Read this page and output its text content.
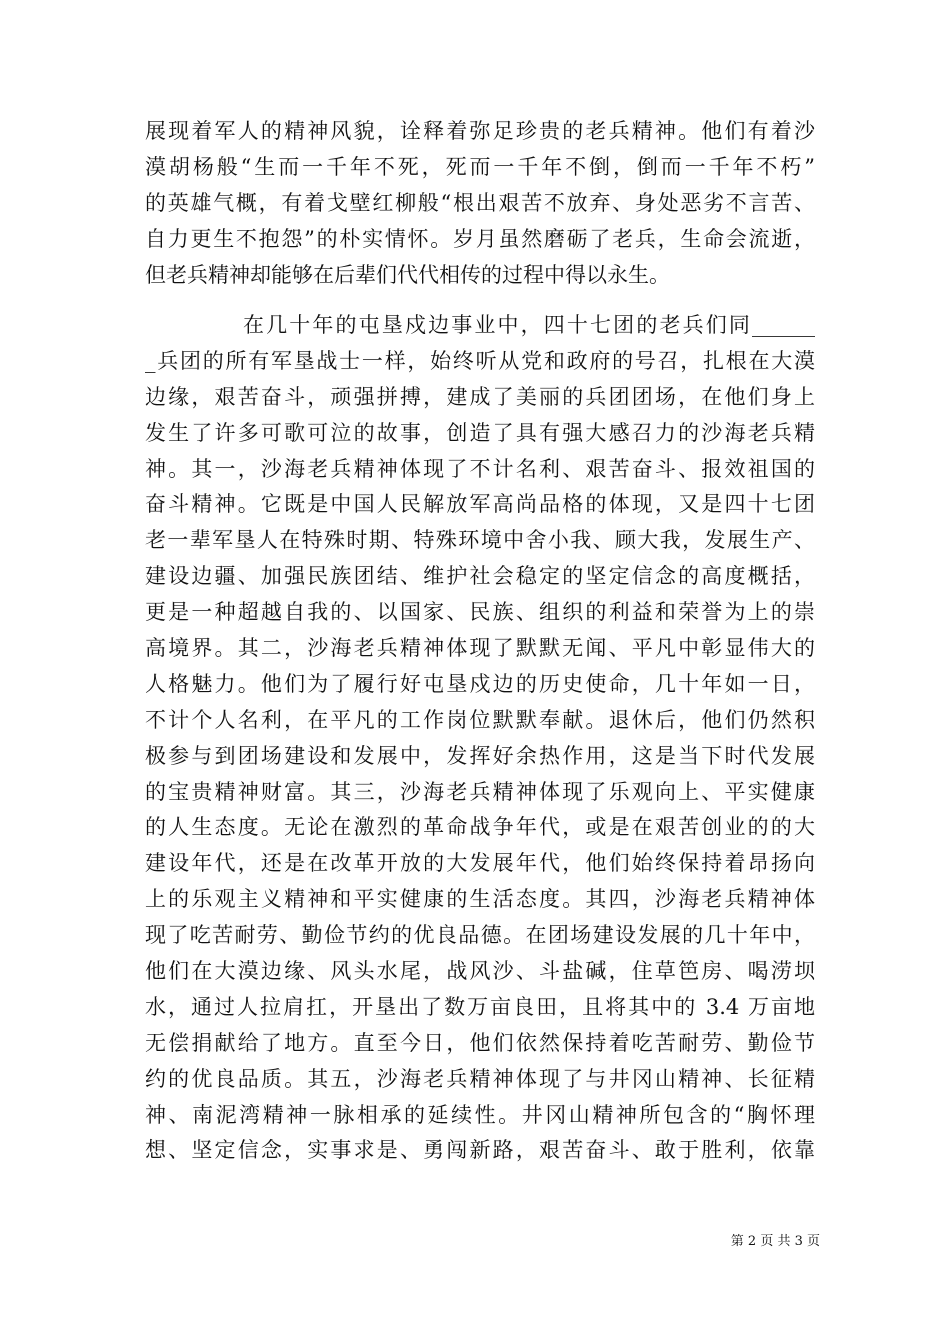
展现着军人的精神风貌，诠释着弥足珍贵的老兵精神。他们有着沙
漠胡杨般“生而一千年不死，死而一千年不倒，倒而一千年不朽”
的英雄气概，有着戈壁红柳般“根出艰苦不放弃、身处恶劣不言苦、
自力更生不抱怨”的朴实情怀。岁月虽然磨砺了老兵，生命会流逝，
但老兵精神却能够在后辈们代代相传的过程中得以永生。
在几十年的屯垦戍边事业中，四十七团的老兵们同______
_兵团的所有军垦战士一样，始终听从党和政府的号召，扎根在大漠
边缘，艰苦奋斗，顽强拼搏，建成了美丽的兵团团场，在他们身上
发生了许多可歌可泣的故事，创造了具有强大感召力的沙海老兵精
神。其一，沙海老兵精神体现了不计名利、艰苦奋斗、报效祖国的
奋斗精神。它既是中国人民解放军高尚品格的体现，又是四十七团
老一辈军垦人在特殊时期、特殊环境中舍小我、顾大我，发展生产、
建设边疆、加强民族团结、维护社会稳定的坚定信念的高度概括，
更是一种超越自我的、以国家、民族、组织的利益和荣誉为上的崇
高境界。其二，沙海老兵精神体现了默默无闻、平凡中彰显伟大的
人格魅力。他们为了履行好屯垦戍边的历史使命，几十年如一日，
不计个人名利，在平凡的工作岗位默默奉献。退休后，他们仍然积
极参与到团场建设和发展中，发挥好余热作用，这是当下时代发展
的宝贵精神财富。其三，沙海老兵精神体现了乐观向上、平实健康
的人生态度。无论在激烈的革命战争年代，或是在艰苦创业的的大
建设年代，还是在改革开放的大发展年代，他们始终保持着昂扬向
上的乐观主义精神和平实健康的生活态度。其四，沙海老兵精神体
现了吃苦耐劳、勤俭节约的优良品德。在团场建设发展的几十年中，
他们在大漠边缘、风头水尾，战风沙、斗盐碱，住草笆房、喝涝坝
水，通过人拉肩扛，开垦出了数万亩良田，且将其中的 3.4 万亩地
无偿捐献给了地方。直至今日，他们依然保持着吃苦耐劳、勤俭节
约的优良品质。其五，沙海老兵精神体现了与井冈山精神、长征精
神、南泥湾精神一脉相承的延续性。井冈山精神所包含的“胸怀理
想、坚定信念，实事求是、勇闯新路，艰苦奋斗、敢于胜利，依靠
第 2 页 共 3 页
